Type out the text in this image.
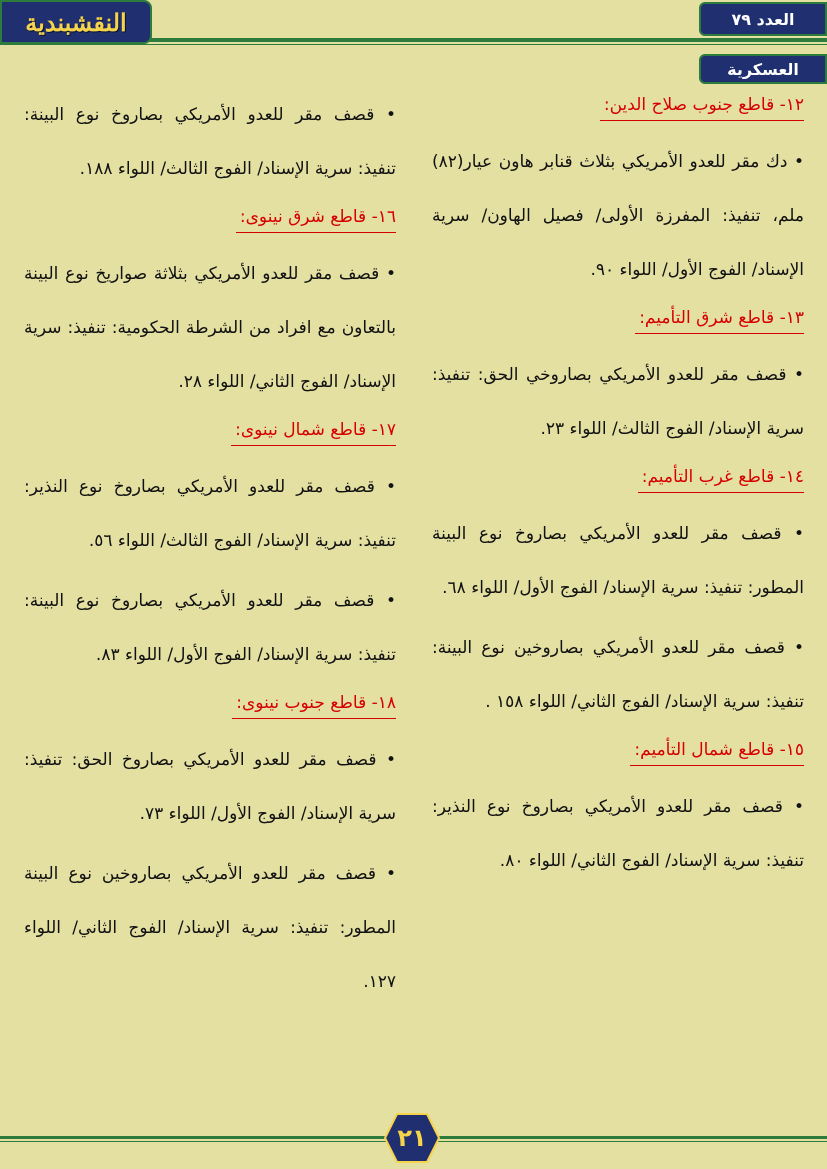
النقشبندية	العدد ٧٩
العسكرية
١٢- قاطع جنوب صلاح الدين:

• دك مقر للعدو الأمريكي بثلاث قنابر هاون عيار(٨٢) ملم، تنفيذ: المفرزة الأولى/ فصيل الهاون/ سرية الإسناد/ الفوج الأول/ اللواء ٩٠.

١٣- قاطع شرق التأميم:

• قصف مقر للعدو الأمريكي بصاروخي الحق: تنفيذ: سرية الإسناد/ الفوج الثالث/ اللواء ٢٣.

١٤- قاطع غرب التأميم:

• قصف مقر للعدو الأمريكي بصاروخ نوع البينة المطور: تنفيذ: سرية الإسناد/ الفوج الأول/ اللواء ٦٨.

• قصف مقر للعدو الأمريكي بصاروخين نوع البينة: تنفيذ: سرية الإسناد/ الفوج الثاني/ اللواء ١٥٨ .

١٥- قاطع شمال التأميم:

• قصف مقر للعدو الأمريكي بصاروخ نوع النذير: تنفيذ: سرية الإسناد/ الفوج الثاني/ اللواء ٨٠.

• قصف مقر للعدو الأمريكي بصاروخ نوع البينة: تنفيذ: سرية الإسناد/ الفوج الثالث/ اللواء ١٨٨.

١٦- قاطع شرق نينوى:

• قصف مقر للعدو الأمريكي بثلاثة صواريخ نوع البينة بالتعاون مع افراد من الشرطة الحكومية: تنفيذ: سرية الإسناد/ الفوج الثاني/ اللواء ٢٨.

١٧- قاطع شمال نينوى:

• قصف مقر للعدو الأمريكي بصاروخ نوع النذير: تنفيذ: سرية الإسناد/ الفوج الثالث/ اللواء ٥٦.

• قصف مقر للعدو الأمريكي بصاروخ نوع البينة: تنفيذ: سرية الإسناد/ الفوج الأول/ اللواء ٨٣.

١٨- قاطع جنوب نينوى:

• قصف مقر للعدو الأمريكي بصاروخ الحق: تنفيذ: سرية الإسناد/ الفوج الأول/ اللواء ٧٣.

• قصف مقر للعدو الأمريكي بصاروخين نوع البينة المطور: تنفيذ: سرية الإسناد/ الفوج الثاني/ اللواء ١٢٧.

٢١
